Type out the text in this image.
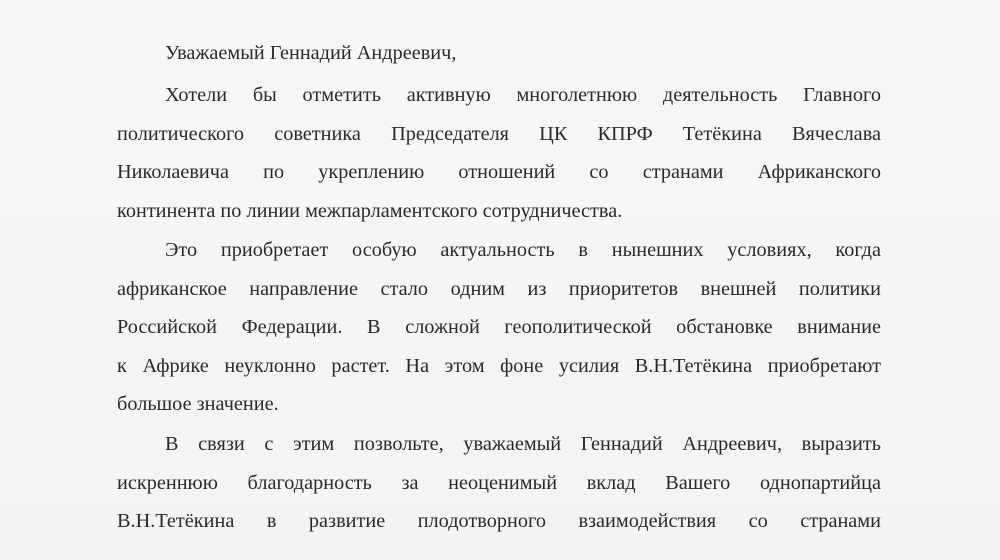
Уважаемый Геннадий Андреевич,

Хотели бы отметить активную многолетнюю деятельность Главного
политического советника Председателя ЦК КПРФ Тетёкина Вячеслава
Николаевича по укреплению отношений со странами Африканского
континента по линии межпарламентского сотрудничества.
Это приобретает особую актуальность в нынешних условиях, когда
африканское направление стало одним из приоритетов внешней политики
Российской Федерации. В сложной геополитической обстановке внимание
к Африке неуклонно растет. На этом фоне усилия В.Н.Тетёкина приобретают
большое значение.
В связи с этим позвольте, уважаемый Геннадий Андреевич, выразить
искреннюю благодарность за неоценимый вклад Вашего однопартийца
В.Н.Тетёкина в развитие плодотворного взаимодействия со странами
